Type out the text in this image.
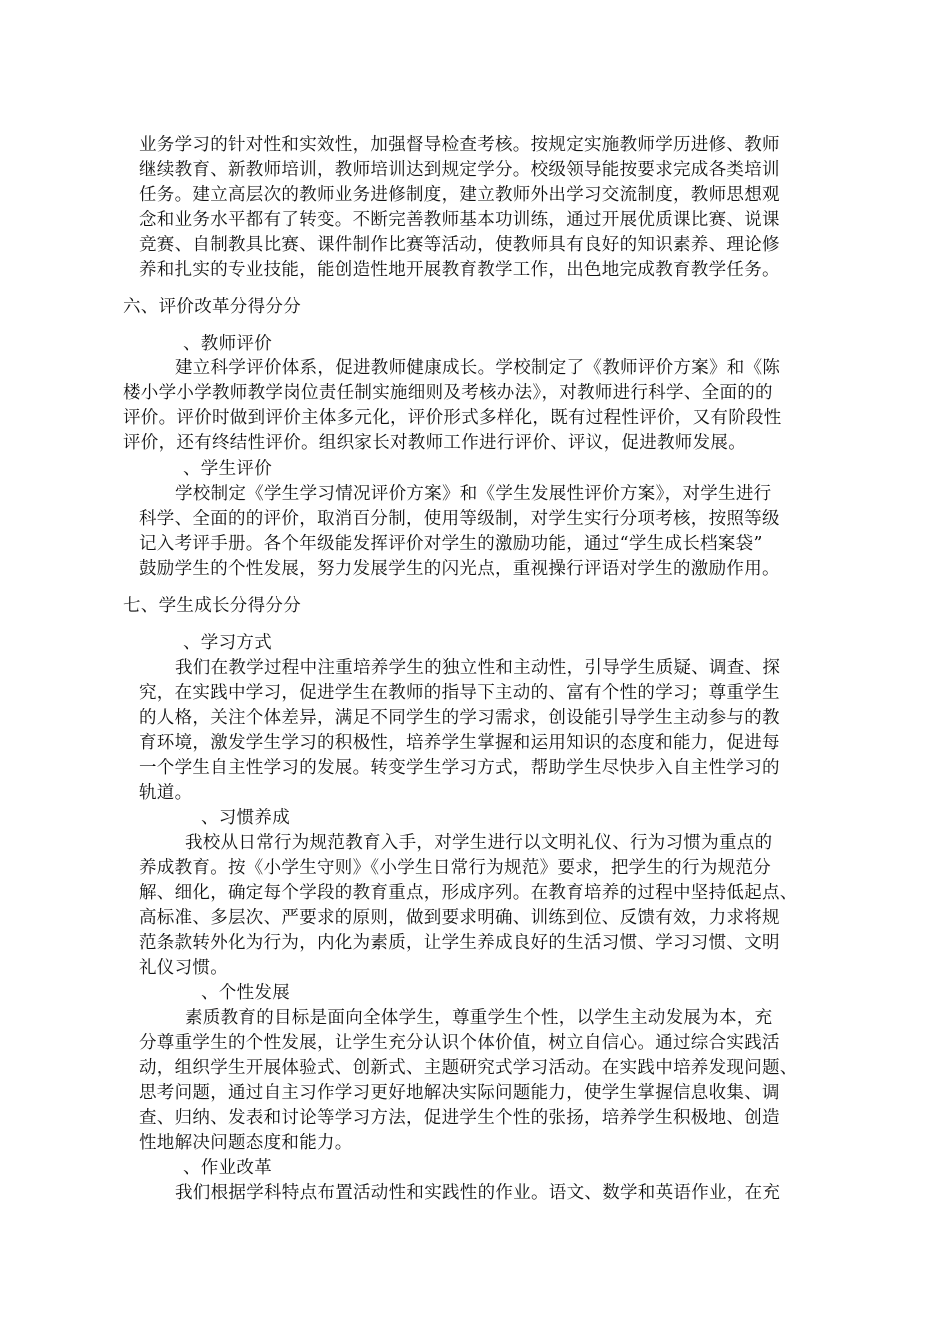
业务学习的针对性和实效性，加强督导检查考核。按规定实施教师学历进修、教师
继续教育、新教师培训，教师培训达到规定学分。校级领导能按要求完成各类培训
任务。建立高层次的教师业务进修制度，建立教师外出学习交流制度，教师思想观
念和业务水平都有了转变。不断完善教师基本功训练，通过开展优质课比赛、说课
竞赛、自制教具比赛、课件制作比赛等活动，使教师具有良好的知识素养、理论修
养和扎实的专业技能，能创造性地开展教育教学工作，出色地完成教育教学任务。
六、评价改革分得分分
、教师评价
建立科学评价体系，促进教师健康成长。学校制定了《教师评价方案》和《陈
楼小学小学教师教学岗位责任制实施细则及考核办法》，对教师进行科学、全面的的
评价。评价时做到评价主体多元化，评价形式多样化，既有过程性评价，又有阶段性
评价，还有终结性评价。组织家长对教师工作进行评价、评议，促进教师发展。
、学生评价
学校制定《学生学习情况评价方案》和《学生发展性评价方案》，对学生进行
科学、全面的的评价，取消百分制，使用等级制，对学生实行分项考核，按照等级
记入考评手册。各个年级能发挥评价对学生的激励功能，通过“学生成长档案袋”
鼓励学生的个性发展，努力发展学生的闪光点，重视操行评语对学生的激励作用。
七、学生成长分得分分
、学习方式
我们在教学过程中注重培养学生的独立性和主动性，引导学生质疑、调查、探
究，在实践中学习，促进学生在教师的指导下主动的、富有个性的学习；尊重学生
的人格，关注个体差异，满足不同学生的学习需求，创设能引导学生主动参与的教
育环境，激发学生学习的积极性，培养学生掌握和运用知识的态度和能力，促进每
一个学生自主性学习的发展。转变学生学习方式，帮助学生尽快步入自主性学习的
轨道。
、习惯养成
我校从日常行为规范教育入手，对学生进行以文明礼仪、行为习惯为重点的
养成教育。按《小学生守则》《小学生日常行为规范》要求，把学生的行为规范分
解、细化，确定每个学段的教育重点，形成序列。在教育培养的过程中坚持低起点、
高标准、多层次、严要求的原则，做到要求明确、训练到位、反馈有效，力求将规
范条款转外化为行为，内化为素质，让学生养成良好的生活习惯、学习习惯、文明
礼仪习惯。
、个性发展
素质教育的目标是面向全体学生，尊重学生个性，以学生主动发展为本，充
分尊重学生的个性发展，让学生充分认识个体价值，树立自信心。通过综合实践活
动，组织学生开展体验式、创新式、主题研究式学习活动。在实践中培养发现问题、
思考问题，通过自主习作学习更好地解决实际问题能力，使学生掌握信息收集、调
查、归纳、发表和讨论等学习方法，促进学生个性的张扬，培养学生积极地、创造
性地解决问题态度和能力。
、作业改革
我们根据学科特点布置活动性和实践性的作业。语文、数学和英语作业，在充
